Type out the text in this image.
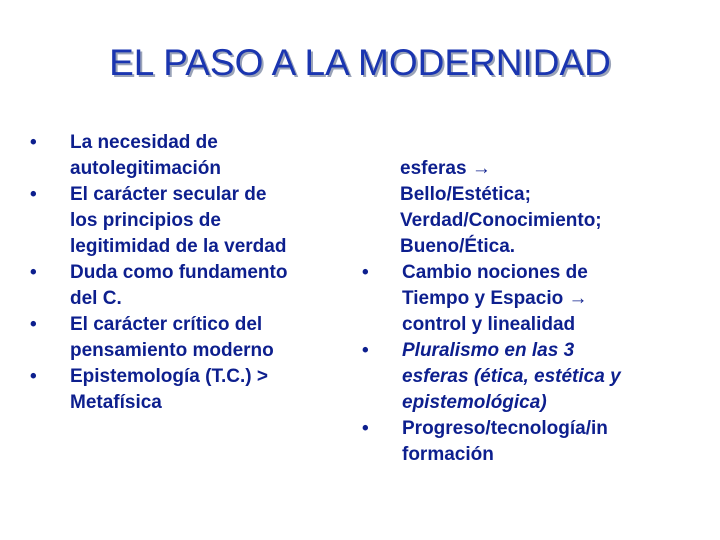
EL PASO A LA MODERNIDAD
•	La necesidad de
autolegitimación
•	El carácter secular de
los principios de
legitimidad de la verdad
•	Duda como fundamento
del C.
•	El carácter crítico del
pensamiento moderno
•	Epistemología (T.C.) >
Metafísica
esferas →
Bello/Estética;
Verdad/Conocimiento;
Bueno/Ética.
•	Cambio nociones de
Tiempo y Espacio →
control y linealidad
•	Pluralismo en las 3
esferas (ética, estética y
epistemológica)
•	Progreso/tecnología/in
formación
